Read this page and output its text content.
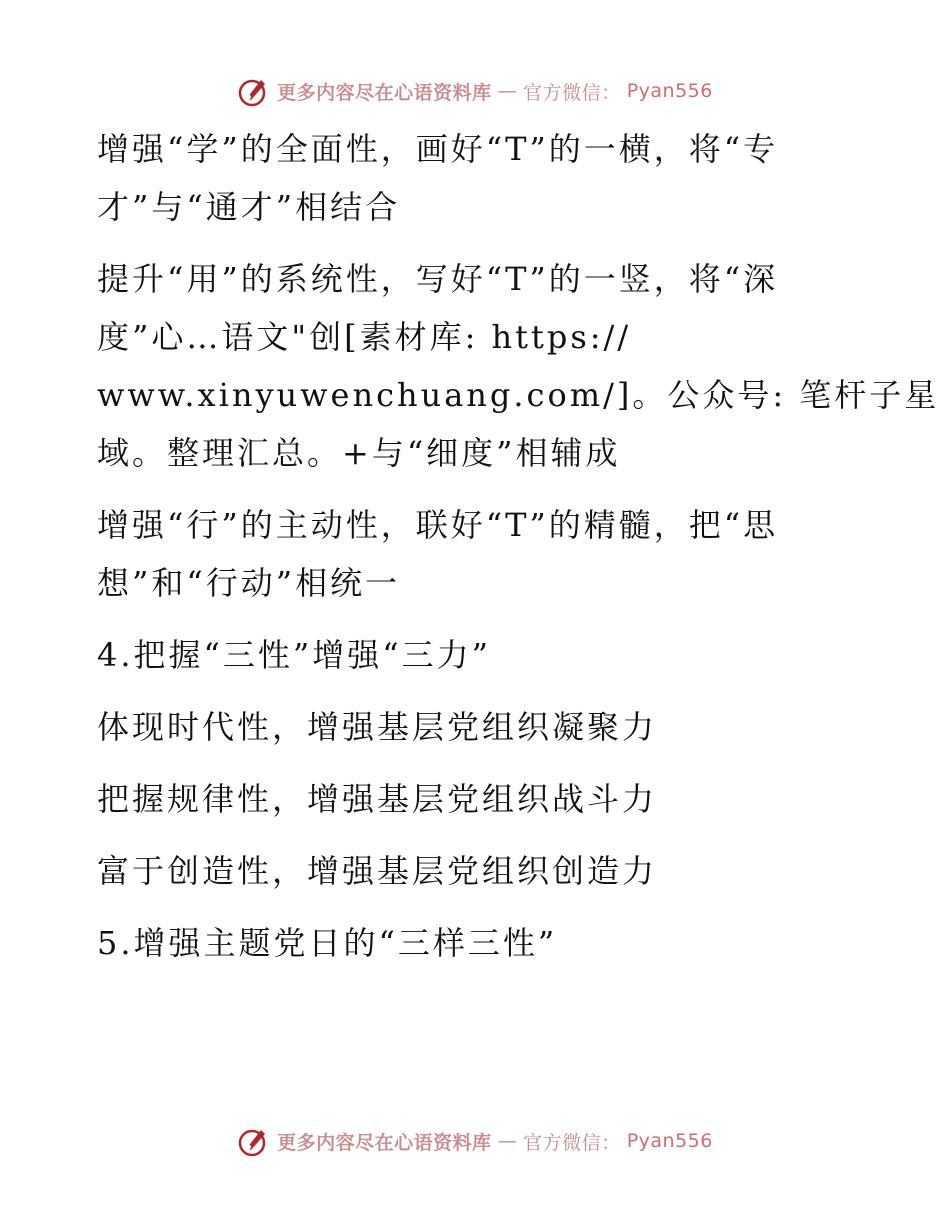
更多内容尽在心语资料库 — 官方微信： Pyan556
增强“学”的全面性，画好“T”的一横，将“专
才”与“通才”相结合
提升“用”的系统性，写好“T”的一竖，将“深
度”心…语文"创[素材库: https://
www.xinyuwenchuang.com/]。公众号: 笔杆子星
域。整理汇总。+与“细度”相辅成
增强“行”的主动性，联好“T”的精髓，把“思
想”和“行动”相统一
4.把握“三性”增强“三力”
体现时代性，增强基层党组织凝聚力
把握规律性，增强基层党组织战斗力
富于创造性，增强基层党组织创造力
5.增强主题党日的“三样三性”
更多内容尽在心语资料库 — 官方微信： Pyan556
